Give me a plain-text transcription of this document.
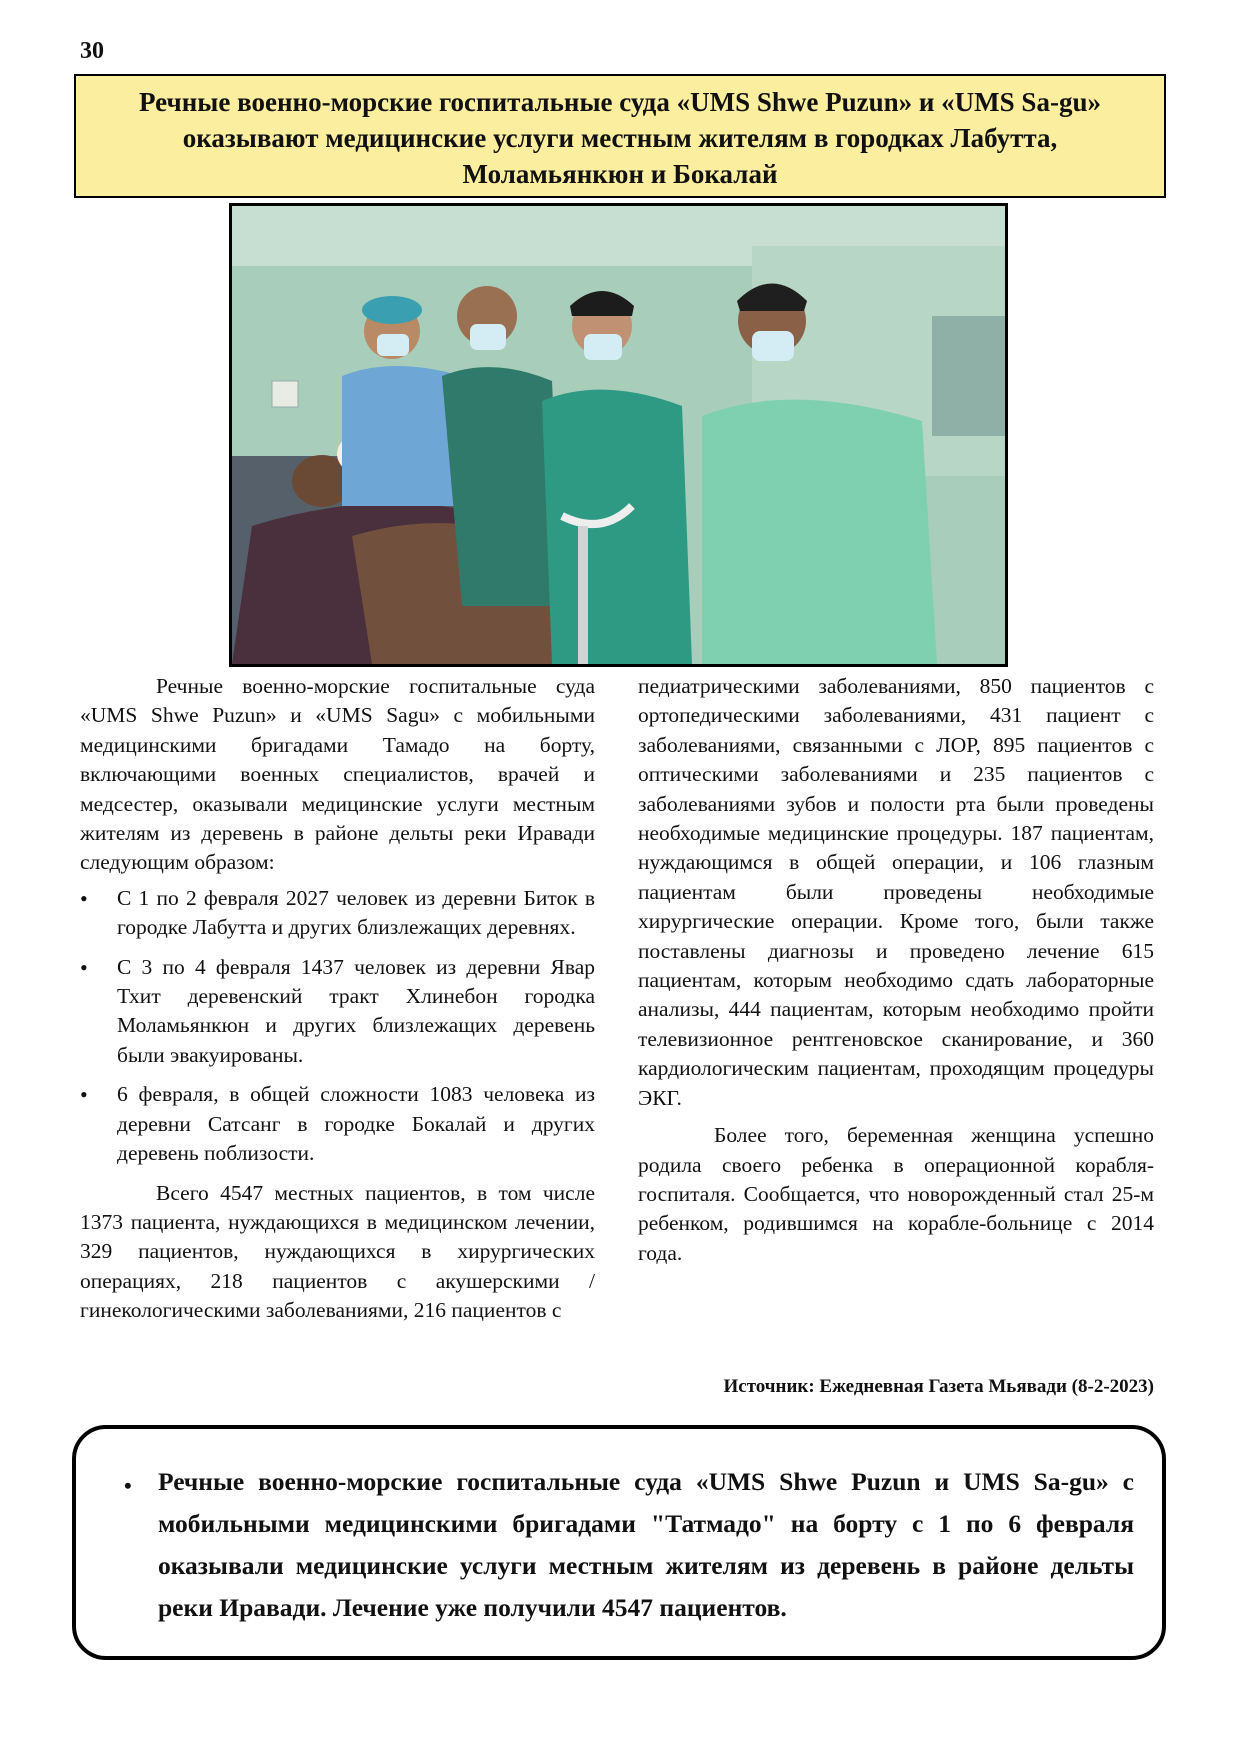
30
Речные военно-морские госпитальные суда «UMS Shwe Puzun» и «UMS Sa-gu» оказывают медицинские услуги местным жителям в городках Лабутта, Моламьянкюн и Бокалай

Речные военно-морские госпитальные суда «UMS Shwe Puzun» и «UMS Sagu» с мобильными медицинскими бригадами Тамадо на борту, включающими военных специалистов, врачей и медсестер, оказывали медицинские услуги местным жителям из деревень в районе дельты реки Иравади следующим образом:

• С 1 по 2 февраля 2027 человек из деревни Биток в городке Лабутта и других близлежащих деревнях.
• С 3 по 4 февраля 1437 человек из деревни Явар Тхит деревенский тракт Хлинебон городка Моламьянкюн и других близлежащих деревень были эвакуированы.
• 6 февраля, в общей сложности 1083 человека из деревни Сатсанг в городке Бокалай и других деревень поблизости.

Всего 4547 местных пациентов, в том числе 1373 пациента, нуждающихся в медицинском лечении, 329 пациентов, нуждающихся в хирургических операциях, 218 пациентов с акушерскими / гинекологическими заболеваниями, 216 пациентов с

педиатрическими заболеваниями, 850 пациентов с ортопедическими заболеваниями, 431 пациент с заболеваниями, связанными с ЛОР, 895 пациентов с оптическими заболеваниями и 235 пациентов с заболеваниями зубов и полости рта были проведены необходимые медицинские процедуры. 187 пациентам, нуждающимся в общей операции, и 106 глазным пациентам были проведены необходимые хирургические операции. Кроме того, были также поставлены диагнозы и проведено лечение 615 пациентам, которым необходимо сдать лабораторные анализы, 444 пациентам, которым необходимо пройти телевизионное рентгеновское сканирование, и 360 кардиологическим пациентам, проходящим процедуры ЭКГ.

Более того, беременная женщина успешно родила своего ребенка в операционной корабля-госпиталя. Сообщается, что новорожденный стал 25-м ребенком, родившимся на корабле-больнице с 2014 года.

Источник: Ежедневная Газета Мьявади (8-2-2023)
•	Речные военно-морские госпитальные суда «UMS Shwe Puzun и UMS Sa-gu» с мобильными медицинскими бригадами "Татмадо" на борту с 1 по 6 февраля оказывали медицинские услуги местным жителям из деревень в районе дельты реки Иравади. Лечение уже получили 4547 пациентов.
